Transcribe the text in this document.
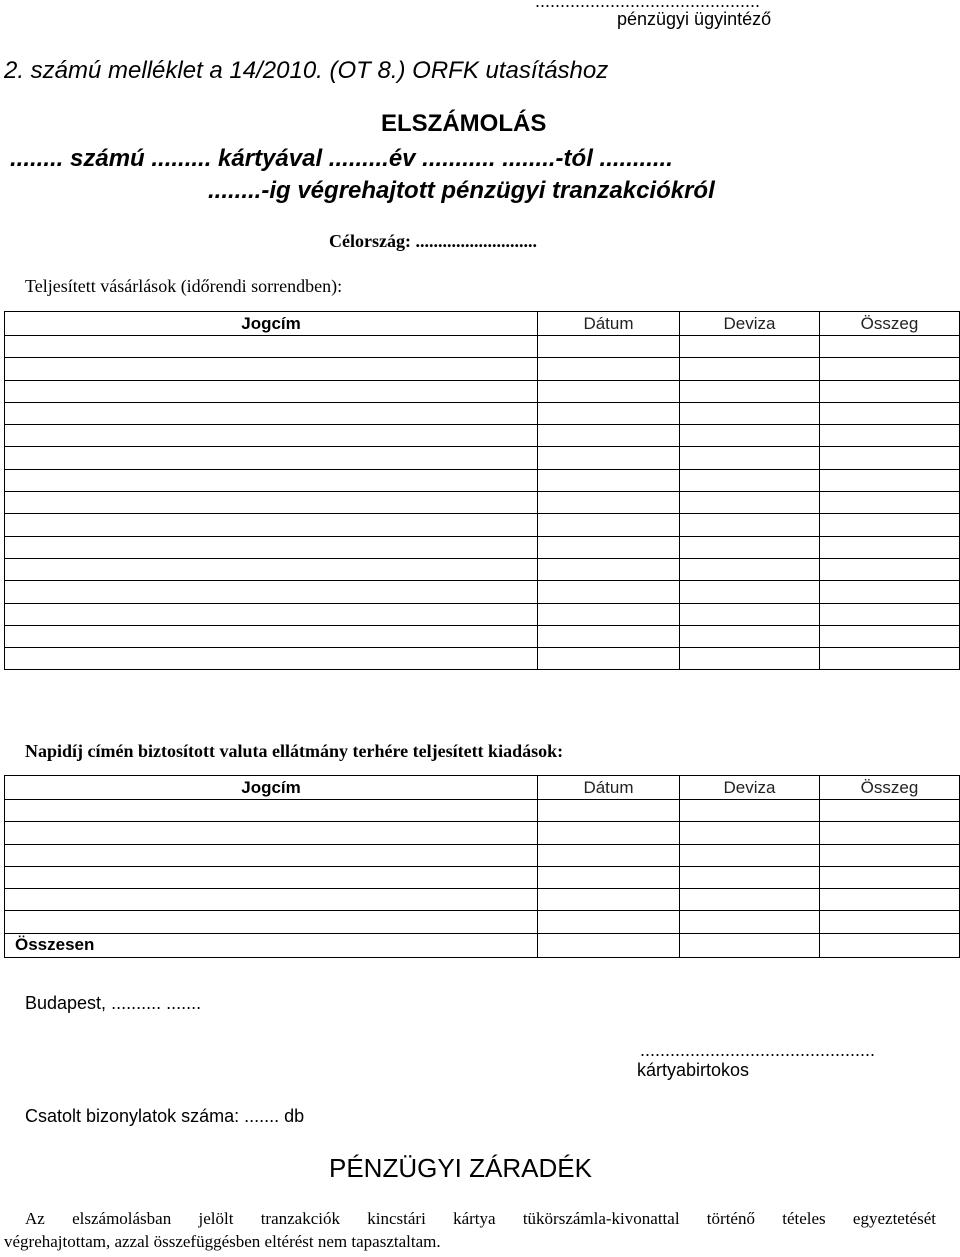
.............................................
pénzügyi ügyintéző
2. számú melléklet a 14/2010. (OT 8.) ORFK utasításhoz
ELSZÁMOLÁS
........ számú ......... kártyával .........év ........... ........-tól ...........
........-ig végrehajtott pénzügyi tranzakciókról
Célország: ...........................
Teljesített vásárlások (időrendi sorrendben):
Jogcím	Dátum	Deviza	Összeg

Napidíj címén biztosított valuta ellátmány terhére teljesített kiadások:
Jogcím	Dátum	Deviza	Összeg

Összesen			
Budapest, .......... .......
...............................................
kártyabirtokos
Csatolt bizonylatok száma: ....... db
PÉNZÜGYI ZÁRADÉK
Az elszámolásban jelölt tranzakciók kincstári kártya tükörszámla-kivonattal történő tételes egyeztetését
végrehajtottam, azzal összefüggésben eltérést nem tapasztaltam.
